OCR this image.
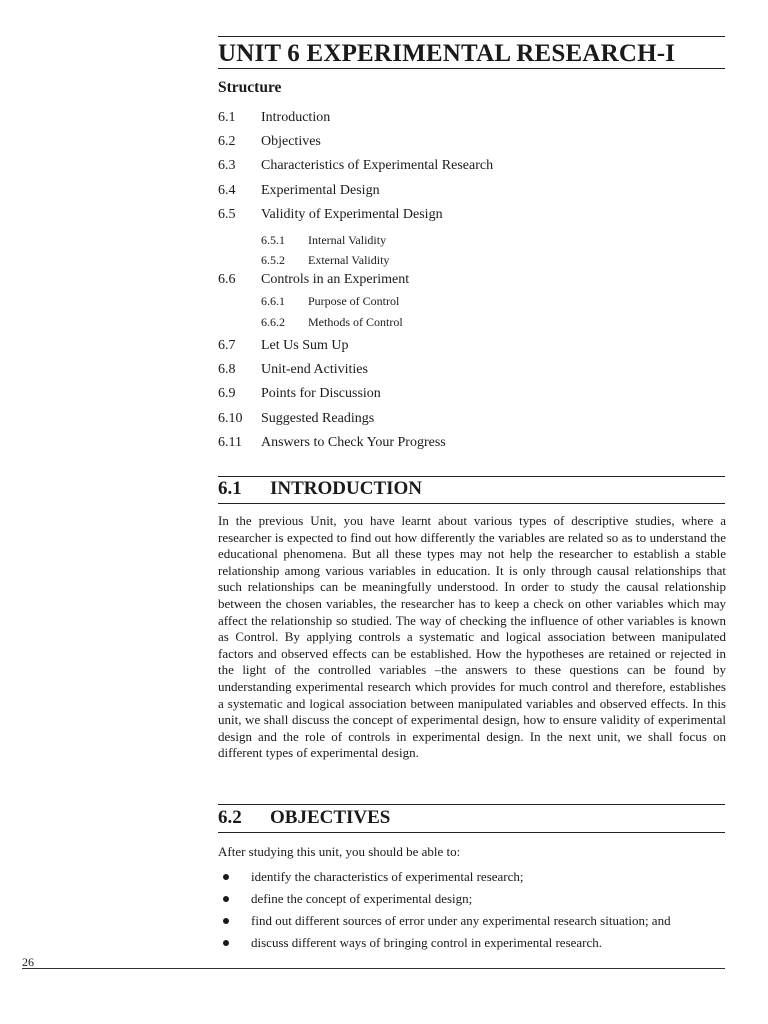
UNIT 6 EXPERIMENTAL RESEARCH-I
Structure
6.1	Introduction
6.2	Objectives
6.3	Characteristics of Experimental Research
6.4	Experimental Design
6.5	Validity of Experimental Design
6.5.1	Internal Validity
6.5.2	External Validity
6.6	Controls in an Experiment
6.6.1	Purpose of Control
6.6.2	Methods of Control
6.7	Let Us Sum Up
6.8	Unit-end Activities
6.9	Points for Discussion
6.10	Suggested Readings
6.11	Answers to Check Your Progress
6.1 INTRODUCTION
In the previous Unit, you have learnt about various types of descriptive studies, where a researcher is expected to find out how differently the variables are related so as to understand the educational phenomena. But all these types may not help the researcher to establish a stable relationship among various variables in education. It is only through causal relationships that such relationships can be meaningfully understood. In order to study the causal relationship between the chosen variables, the researcher has to keep a check on other variables which may affect the relationship so studied. The way of checking the influence of other variables is known as Control. By applying controls a systematic and logical association between manipulated factors and observed effects can be established. How the hypotheses are retained or rejected in the light of the controlled variables –the answers to these questions can be found by understanding experimental research which provides for much control and therefore, establishes a systematic and logical association between manipulated variables and observed effects. In this unit, we shall discuss the concept of experimental design, how to ensure validity of experimental design and the role of controls in experimental design. In the next unit, we shall focus on different types of experimental design.
6.2 OBJECTIVES
After studying this unit, you should be able to:
identify the characteristics of experimental research;
define the concept of experimental design;
find out different sources of error under any experimental research situation; and
discuss different ways of bringing control in experimental research.
26
